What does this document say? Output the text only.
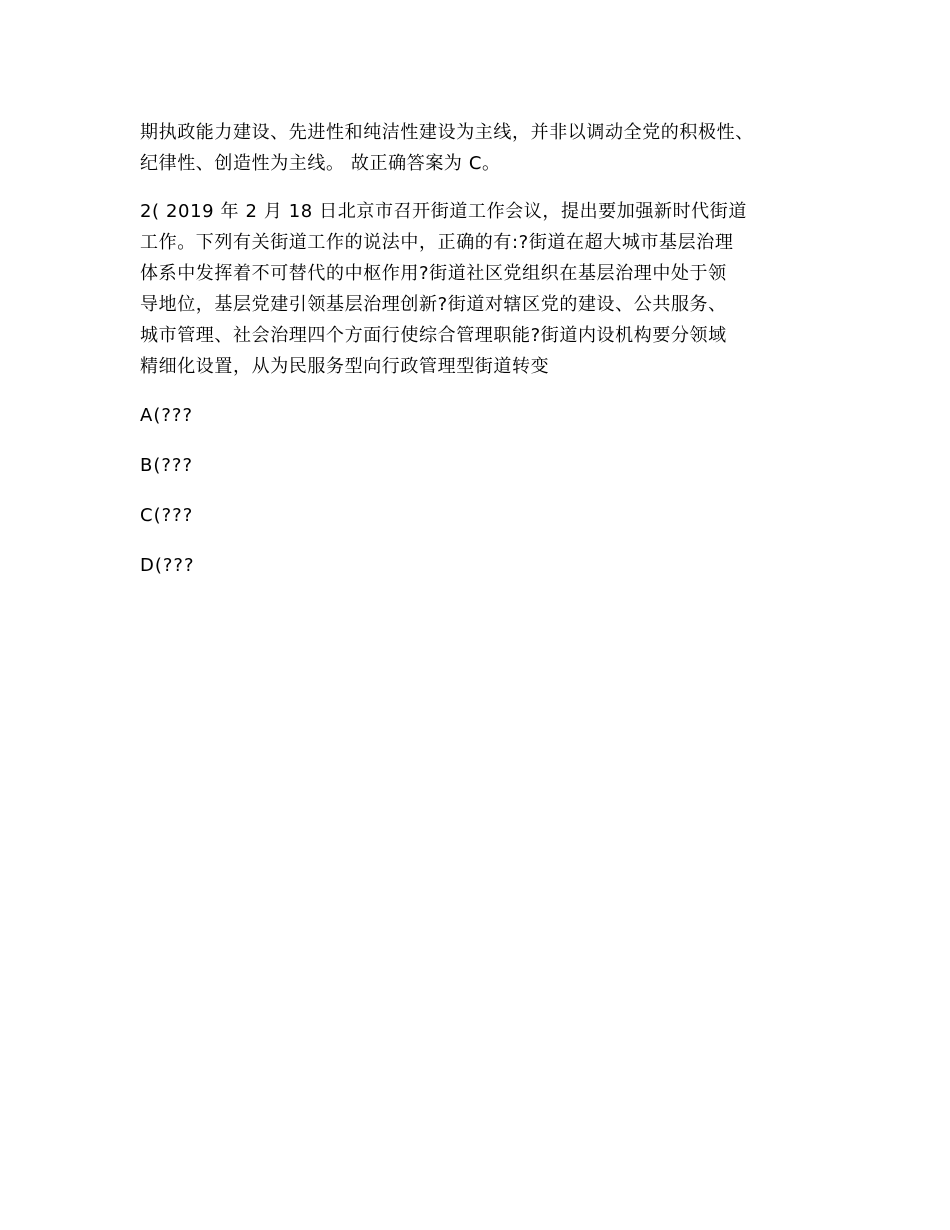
期执政能力建设、先进性和纯洁性建设为主线，并非以调动全党的积极性、
纪律性、创造性为主线。 故正确答案为 C。

2( 2019 年 2 月 18 日北京市召开街道工作会议，提出要加强新时代街道
工作。下列有关街道工作的说法中，正确的有:?街道在超大城市基层治理
体系中发挥着不可替代的中枢作用?街道社区党组织在基层治理中处于领
导地位，基层党建引领基层治理创新?街道对辖区党的建设、公共服务、
城市管理、社会治理四个方面行使综合管理职能?街道内设机构要分领域
精细化设置，从为民服务型向行政管理型街道转变

A(???

B(???

C(???

D(???
